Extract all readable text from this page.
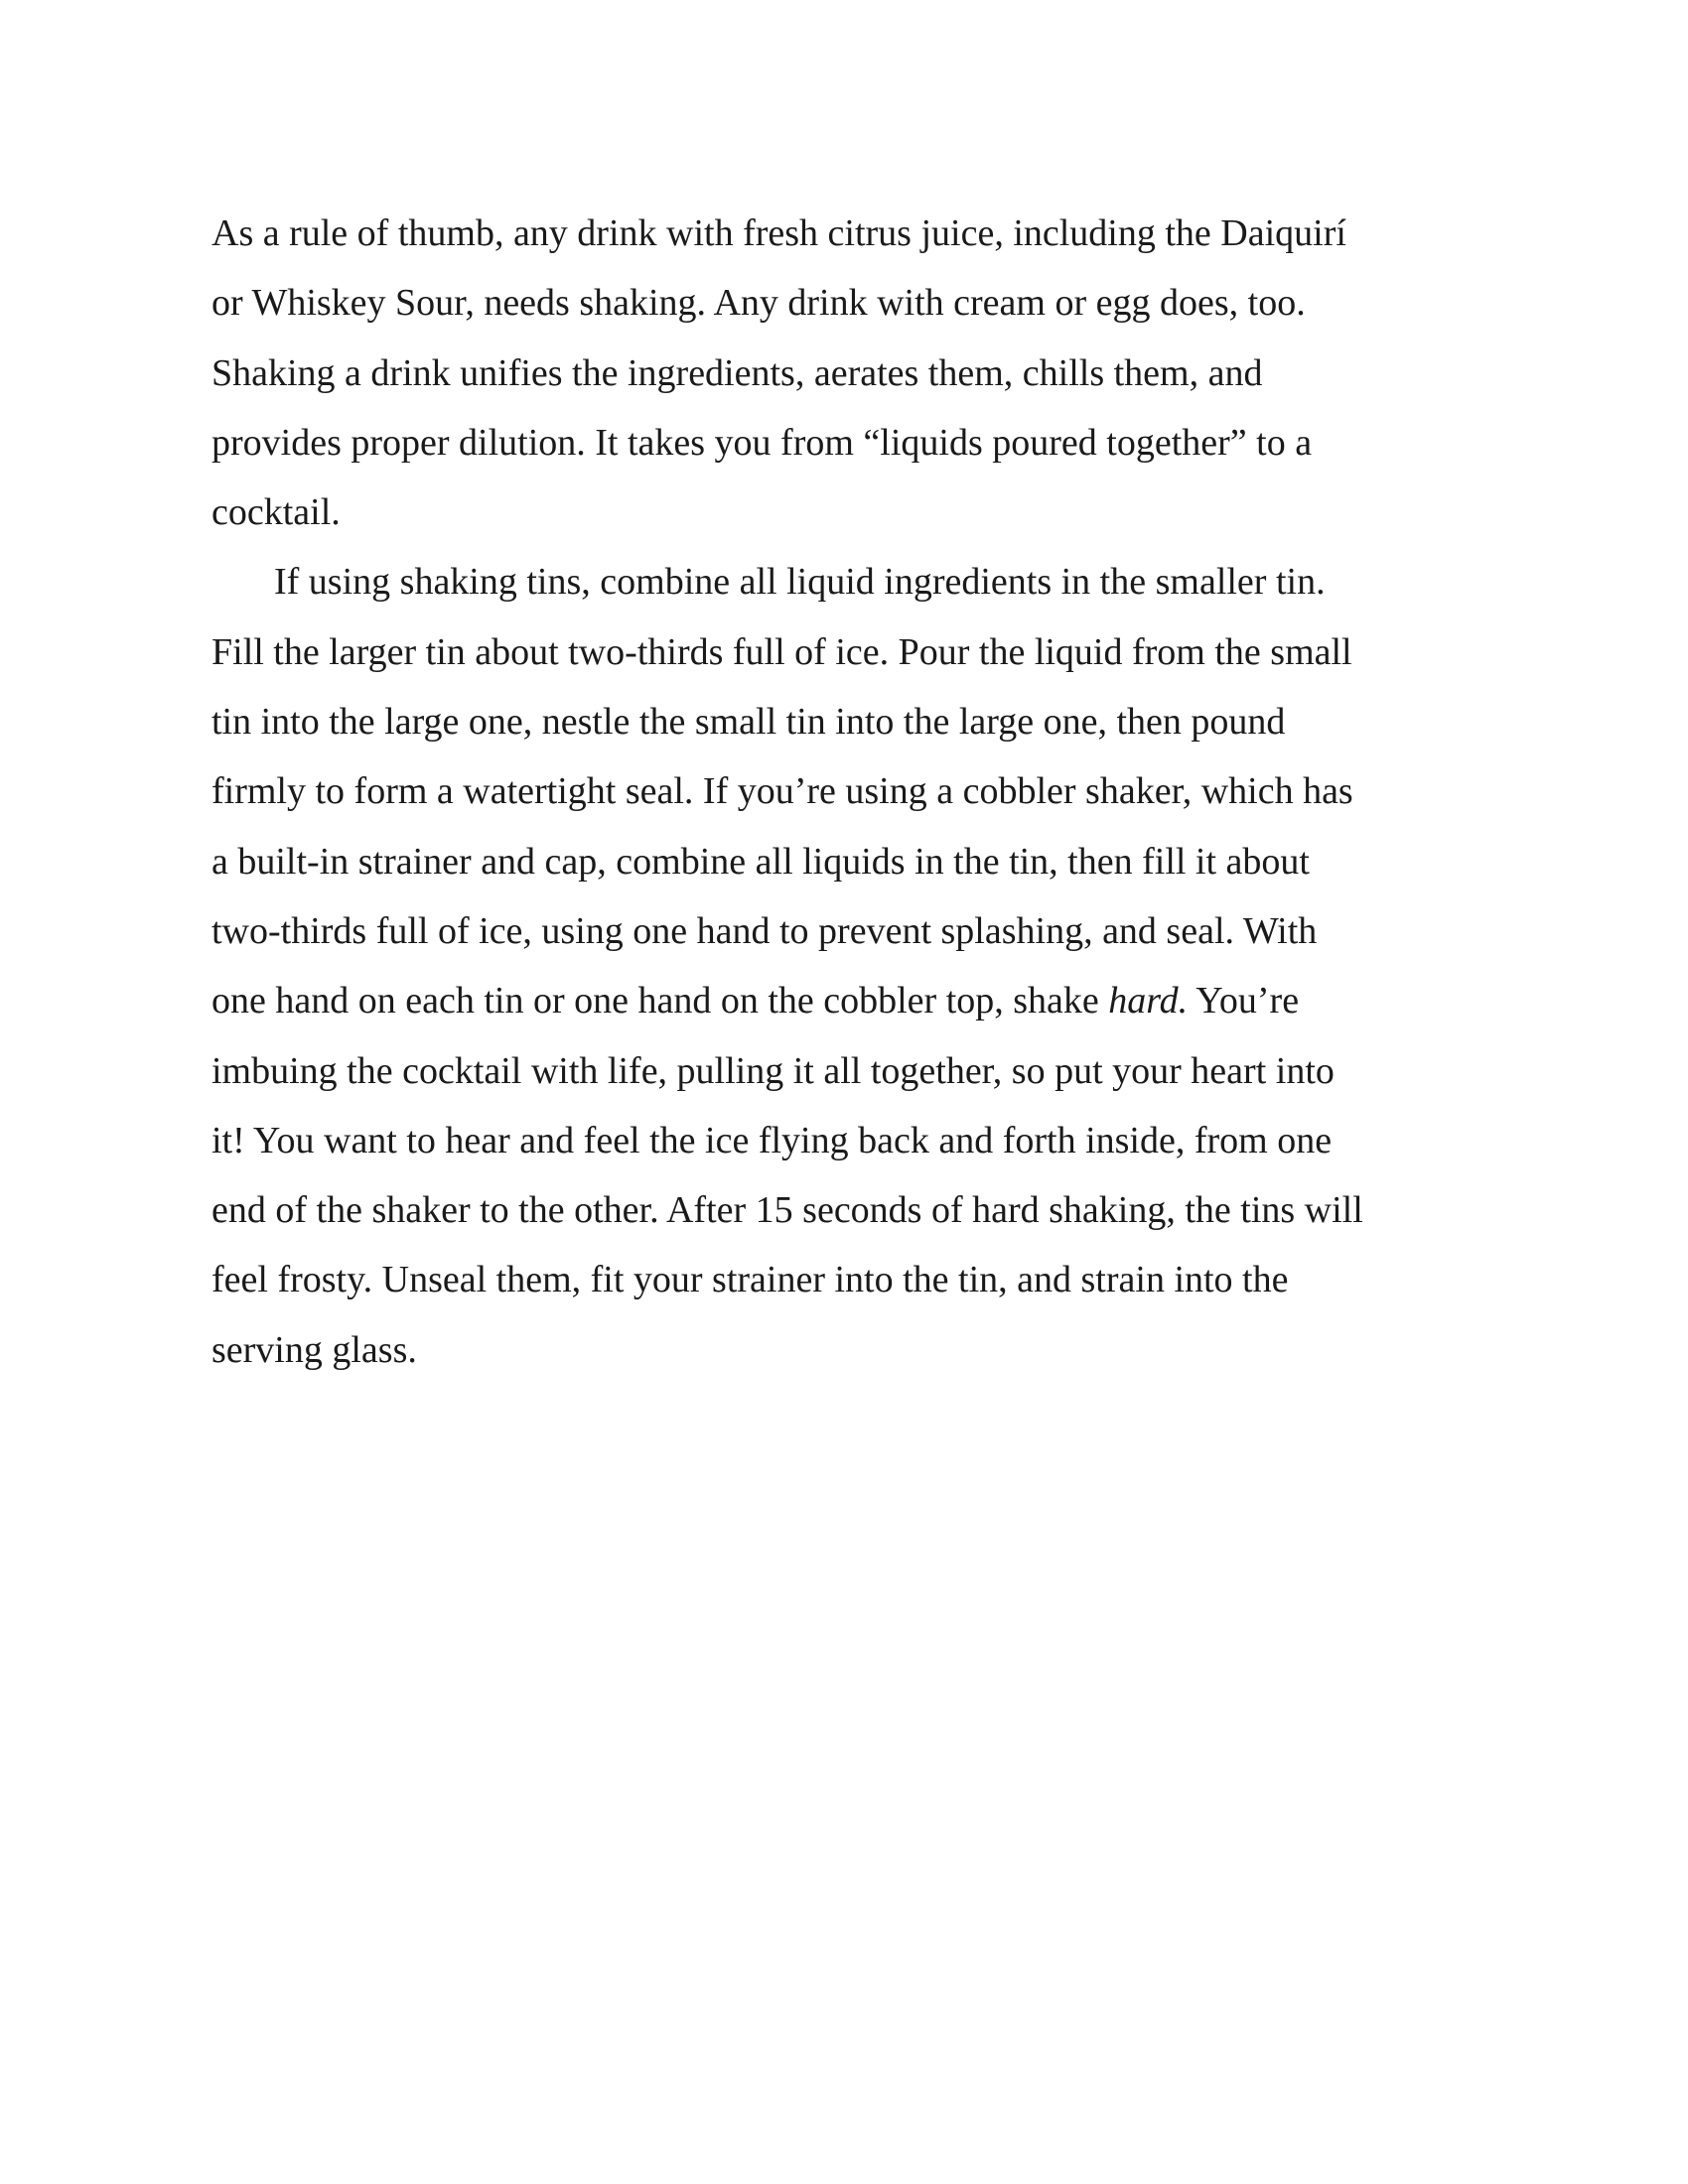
As a rule of thumb, any drink with fresh citrus juice, including the Daiquirí
or Whiskey Sour, needs shaking. Any drink with cream or egg does, too.
Shaking a drink unifies the ingredients, aerates them, chills them, and
provides proper dilution. It takes you from “liquids poured together” to a
cocktail.
If using shaking tins, combine all liquid ingredients in the smaller tin.
Fill the larger tin about two-thirds full of ice. Pour the liquid from the small
tin into the large one, nestle the small tin into the large one, then pound
firmly to form a watertight seal. If you’re using a cobbler shaker, which has
a built-in strainer and cap, combine all liquids in the tin, then fill it about
two-thirds full of ice, using one hand to prevent splashing, and seal. With
one hand on each tin or one hand on the cobbler top, shake hard. You’re
imbuing the cocktail with life, pulling it all together, so put your heart into
it! You want to hear and feel the ice flying back and forth inside, from one
end of the shaker to the other. After 15 seconds of hard shaking, the tins will
feel frosty. Unseal them, fit your strainer into the tin, and strain into the
serving glass.
